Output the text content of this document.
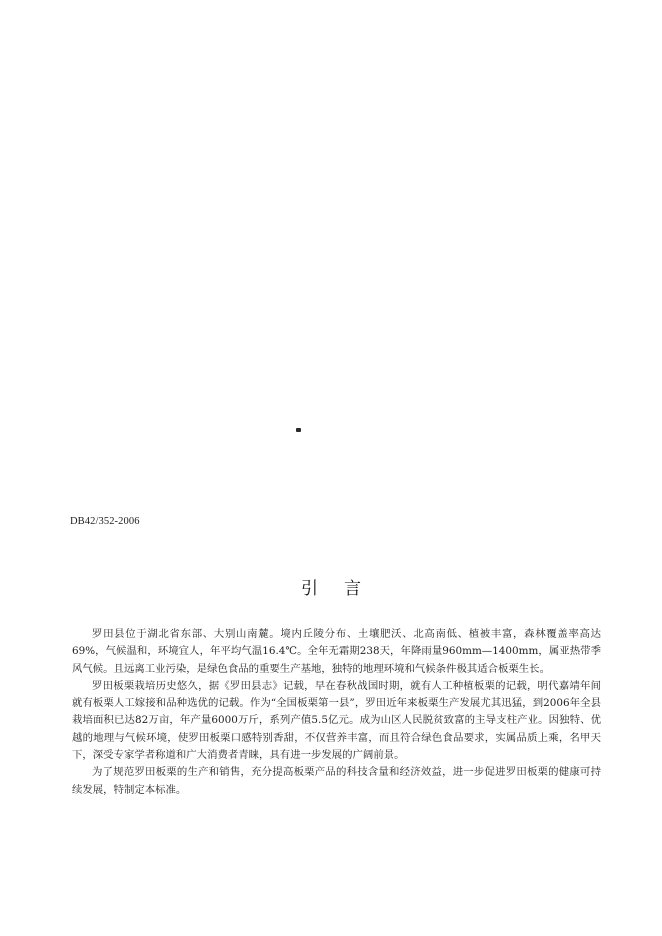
DB42/352-2006
引言

罗田县位于湖北省东部、大别山南麓。境内丘陵分布、土壤肥沃、北高南低、植被丰富，森林覆盖率高达69%，气候温和，环境宜人，年平均气温16.4℃。全年无霜期238天，年降雨量960mm—1400mm，属亚热带季风气候。且远离工业污染，是绿色食品的重要生产基地，独特的地理环境和气候条件极其适合板栗生长。

罗田板栗栽培历史悠久，据《罗田县志》记载，早在春秋战国时期，就有人工种植板栗的记载，明代嘉靖年间就有板栗人工嫁接和品种选优的记载。作为“全国板栗第一县”，罗田近年来板栗生产发展尤其迅猛，到2006年全县栽培面积已达82万亩，年产量6000万斤，系列产值5.5亿元。成为山区人民脱贫致富的主导支柱产业。因独特、优越的地理与气候环境，使罗田板栗口感特别香甜，不仅营养丰富，而且符合绿色食品要求，实属品质上乘，名甲天下，深受专家学者称道和广大消费者青睐，具有进一步发展的广阔前景。

为了规范罗田板栗的生产和销售，充分提高板栗产品的科技含量和经济效益，进一步促进罗田板栗的健康可持续发展，特制定本标准。
